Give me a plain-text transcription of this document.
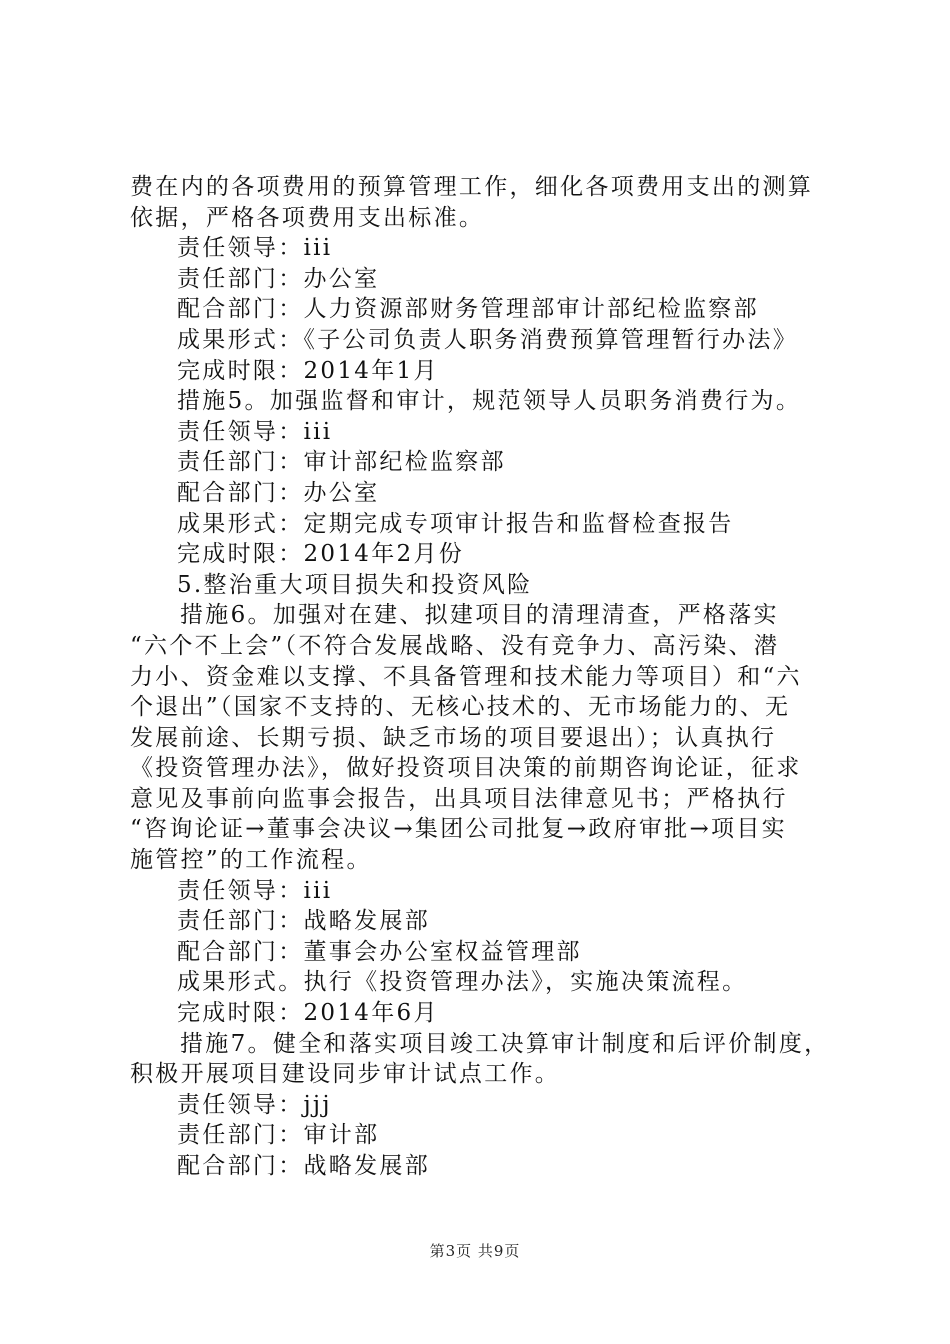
费在内的各项费用的预算管理工作，细化各项费用支出的测算
依据，严格各项费用支出标准。
责任领导：iii
责任部门：办公室
配合部门：人力资源部财务管理部审计部纪检监察部
成果形式：《子公司负责人职务消费预算管理暂行办法》
完成时限：2014年1月
措施5。加强监督和审计，规范领导人员职务消费行为。
责任领导：iii
责任部门：审计部纪检监察部
配合部门：办公室
成果形式：定期完成专项审计报告和监督检查报告
完成时限：2014年2月份
5.整治重大项目损失和投资风险
措施6。加强对在建、拟建项目的清理清查，严格落实
“六个不上会”（不符合发展战略、没有竞争力、高污染、潜
力小、资金难以支撑、不具备管理和技术能力等项目）和“六
个退出”（国家不支持的、无核心技术的、无市场能力的、无
发展前途、长期亏损、缺乏市场的项目要退出）；认真执行
《投资管理办法》，做好投资项目决策的前期咨询论证，征求
意见及事前向监事会报告，出具项目法律意见书；严格执行
“咨询论证→董事会决议→集团公司批复→政府审批→项目实
施管控”的工作流程。
责任领导：iii
责任部门：战略发展部
配合部门：董事会办公室权益管理部
成果形式。执行《投资管理办法》，实施决策流程。
完成时限：2014年6月
措施7。健全和落实项目竣工决算审计制度和后评价制度，
积极开展项目建设同步审计试点工作。
责任领导：jjj
责任部门：审计部
配合部门：战略发展部
第3页 共9页
